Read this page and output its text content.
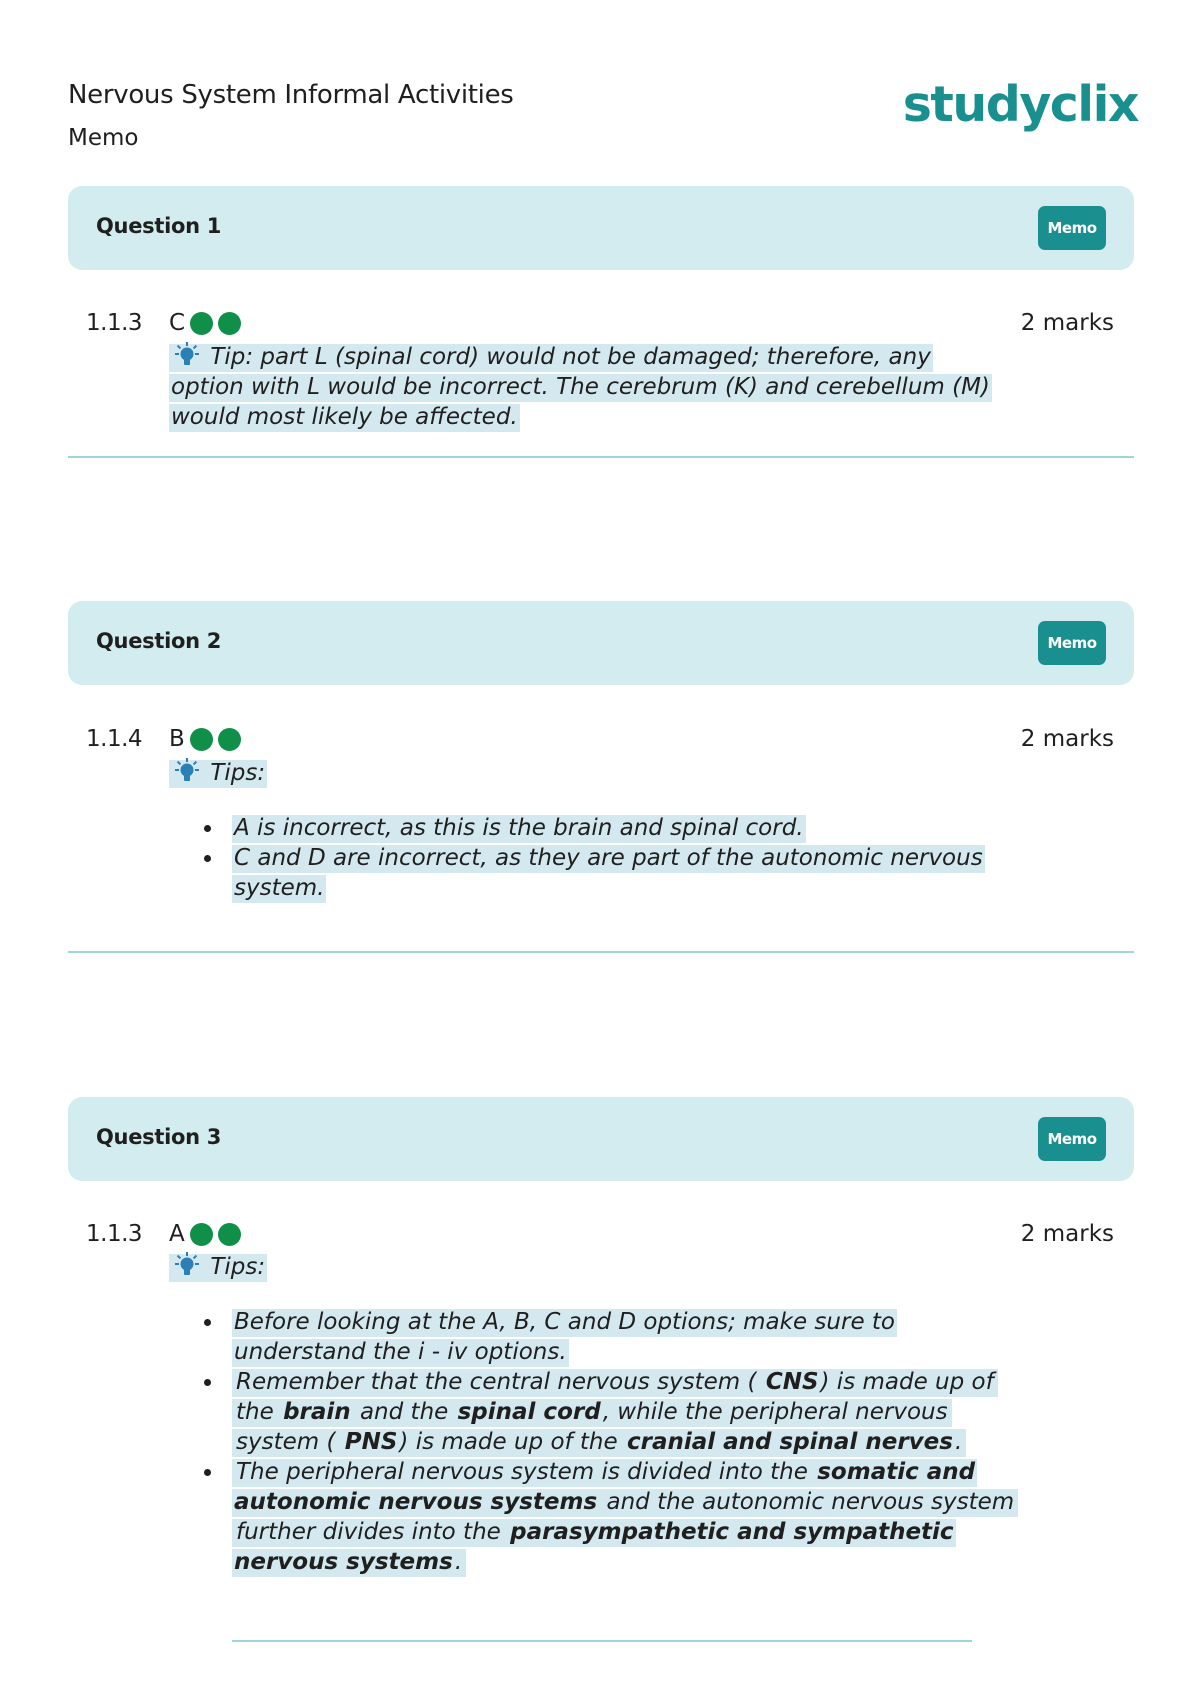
Nervous System Informal Activities
Memo
studyclix
Question 1	Memo
1.1.3 C	2 marks
Tip: part L (spinal cord) would not be damaged; therefore, any
option with L would be incorrect. The cerebrum (K) and cerebellum (M)
would most likely be affected.
Question 2	Memo
1.1.4 B	2 marks
Tips:
A is incorrect, as this is the brain and spinal cord.
C and D are incorrect, as they are part of the autonomic nervous
system.
Question 3	Memo
1.1.3 A	2 marks
Tips:
Before looking at the A, B, C and D options; make sure to
understand the i - iv options.
Remember that the central nervous system ( CNS) is made up of
the brain and the spinal cord, while the peripheral nervous
system ( PNS) is made up of the cranial and spinal nerves.
The peripheral nervous system is divided into the somatic and
autonomic nervous systems and the autonomic nervous system
further divides into the parasympathetic and sympathetic
nervous systems.
